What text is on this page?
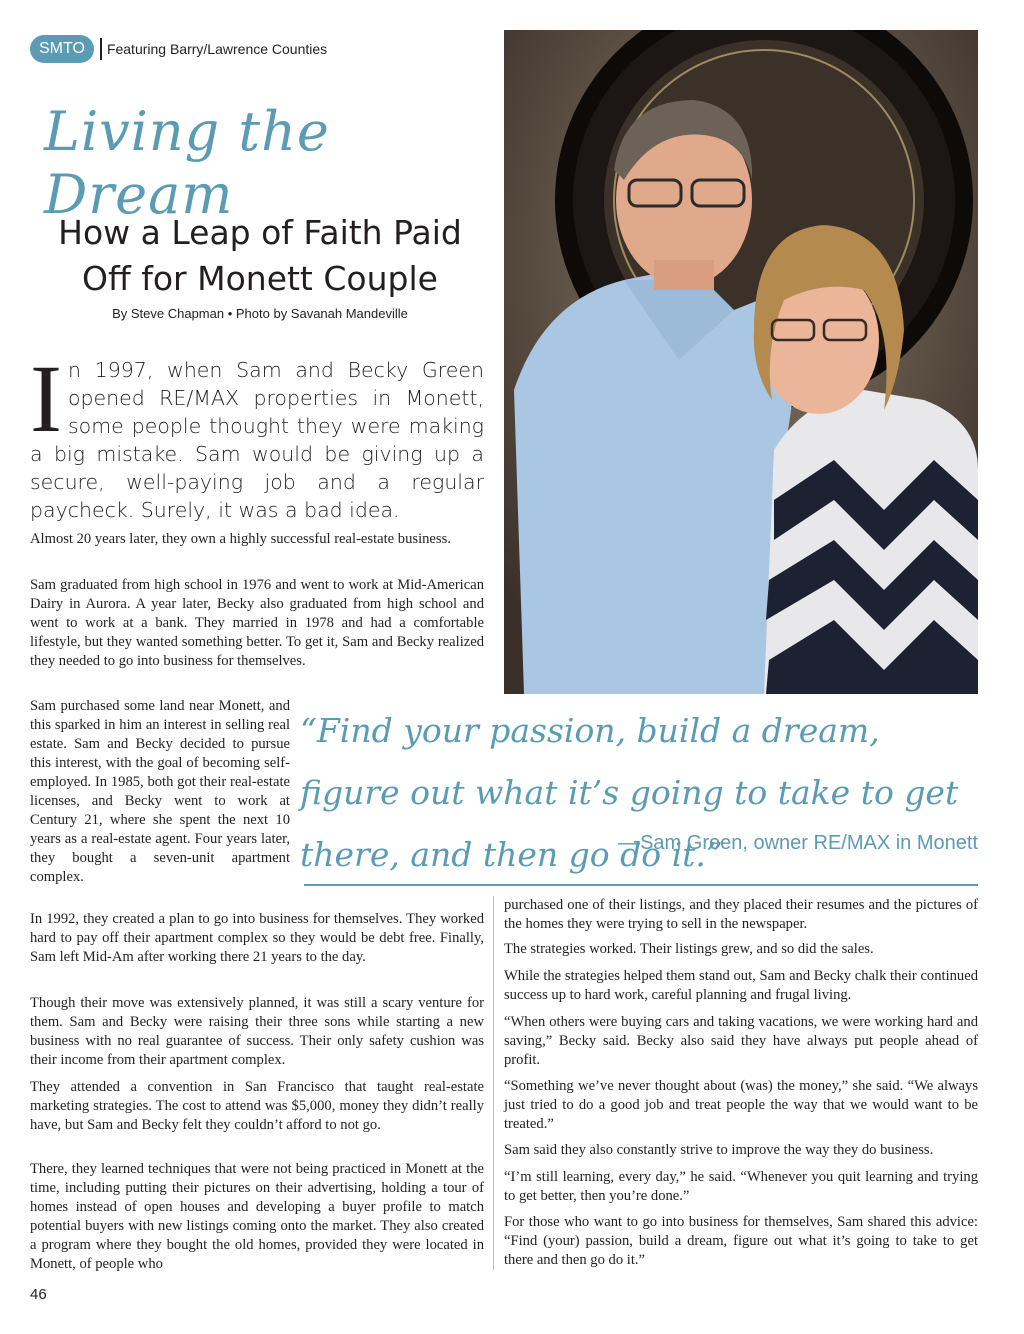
SMTO	Featuring Barry/Lawrence Counties
Living the Dream
How a Leap of Faith Paid Off for Monett Couple
By Steve Chapman • Photo by Savanah Mandeville
I n 1997, when Sam and Becky Green opened RE/MAX properties in Monett, some people thought they were making a big mistake. Sam would be giving up a secure, well-paying job and a regular paycheck. Surely, it was a bad idea.

Almost 20 years later, they own a highly successful real-estate business.

Sam graduated from high school in 1976 and went to work at Mid-American Dairy in Aurora. A year later, Becky also graduated from high school and went to work at a bank. They married in 1978 and had a comfortable lifestyle, but they wanted something better. To get it, Sam and Becky realized they needed to go into business for themselves.

Sam purchased some land near Monett, and this sparked in him an interest in selling real estate. Sam and Becky decided to pursue this interest, with the goal of becoming self-employed. In 1985, both got their real-estate licenses, and Becky went to work at Century 21, where she spent the next 10 years as a real-estate agent. Four years later, they bought a seven-unit apartment complex.

In 1992, they created a plan to go into business for themselves. They worked hard to pay off their apartment complex so they would be debt free. Finally, Sam left Mid-Am after working there 21 years to the day.

Though their move was extensively planned, it was still a scary venture for them. Sam and Becky were raising their three sons while starting a new business with no real guarantee of success. Their only safety cushion was their income from their apartment complex.

They attended a convention in San Francisco that taught real-estate marketing strategies. The cost to attend was $5,000, money they didn’t really have, but Sam and Becky felt they couldn’t afford to not go.

There, they learned techniques that were not being practiced in Monett at the time, including putting their pictures on their advertising, holding a tour of homes instead of open houses and developing a buyer profile to match potential buyers with new listings coming onto the market. They also created a program where they bought the old homes, provided they were located in Monett, of people who

“Find your passion, build a dream, figure out what it’s going to take to get there, and then go do it.”
––Sam Green, owner RE/MAX in Monett

purchased one of their listings, and they placed their resumes and the pictures of the homes they were trying to sell in the newspaper.

The strategies worked. Their listings grew, and so did the sales.

While the strategies helped them stand out, Sam and Becky chalk their continued success up to hard work, careful planning and frugal living.

“When others were buying cars and taking vacations, we were working hard and saving,” Becky said. Becky also said they have always put people ahead of profit.

“Something we’ve never thought about (was) the money,” she said. “We always just tried to do a good job and treat people the way that we would want to be treated.”

Sam said they also constantly strive to improve the way they do business.

“I’m still learning, every day,” he said. “Whenever you quit learning and trying to get better, then you’re done.”

For those who want to go into business for themselves, Sam shared this advice: “Find (your) passion, build a dream, figure out what it’s going to take to get there and then go do it.”

46
